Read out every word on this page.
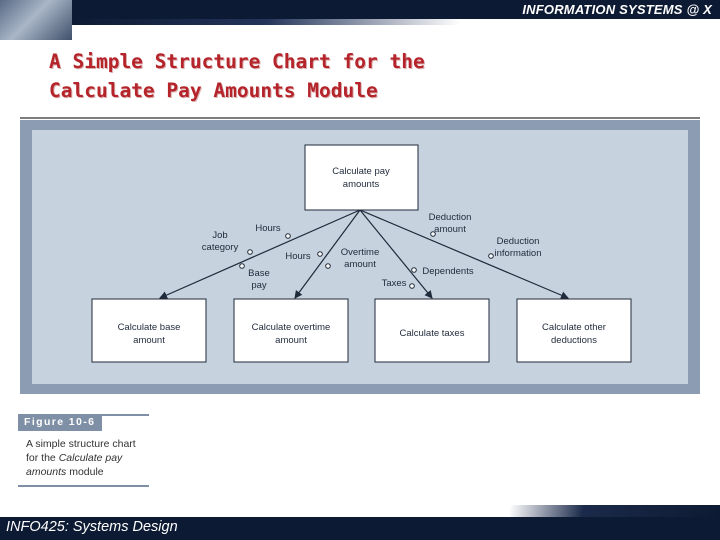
INFORMATION SYSTEMS @ X
A Simple Structure Chart for the
Calculate Pay Amounts Module
Calculate pay
amounts
Calculate base
amount
Calculate overtime
amount
Calculate taxes
Calculate other
deductions
Hours
Job
category
Base
pay
Hours	Overtime
amount
Deduction
amount
Dependents
Taxes
Deduction
information
Figure 10-6
A simple structure chart
for the Calculate pay
amounts module
INFO425: Systems Design
